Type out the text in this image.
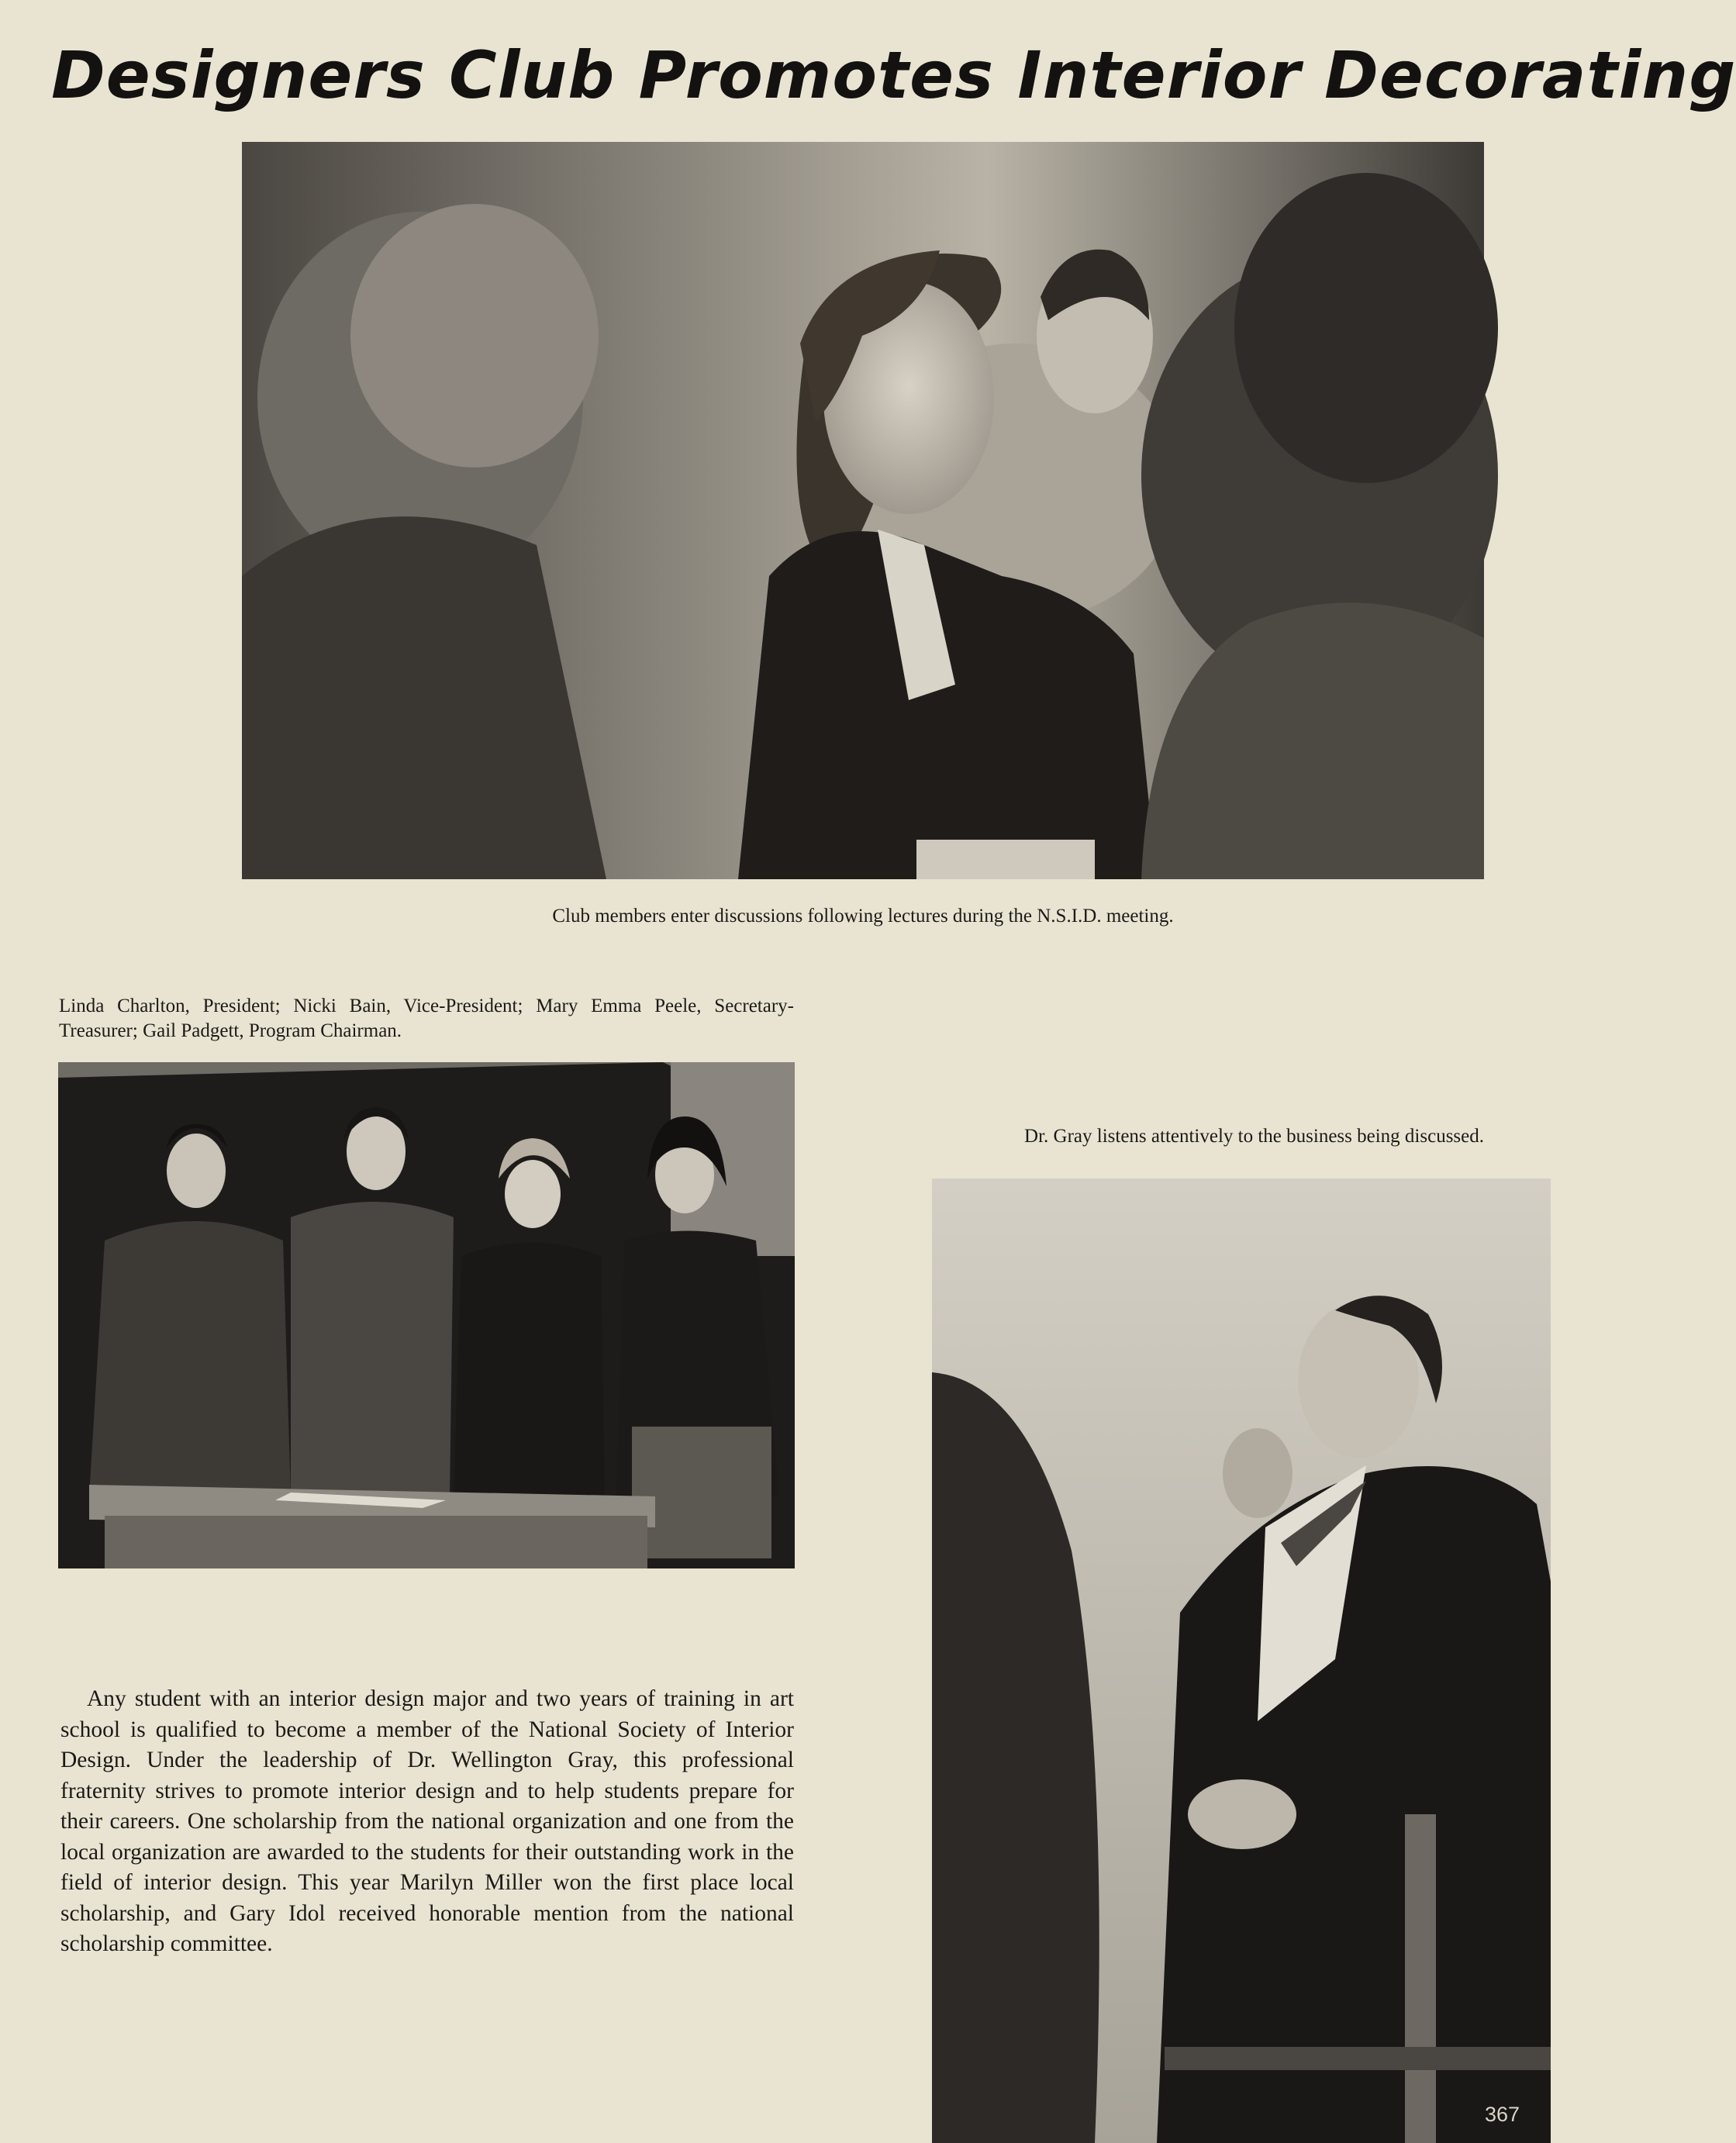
Designers Club Promotes Interior Decorating

Club members enter discussions following lectures during the N.S.I.D. meeting.

Linda Charlton, President; Nicki Bain, Vice-President; Mary Emma Peele, Secretary-Treasurer; Gail Padgett, Program Chairman.

Dr. Gray listens attentively to the business being discussed.

Any student with an interior design major and two years of training in art school is qualified to become a member of the National Society of Interior Design. Under the leadership of Dr. Wellington Gray, this professional fraternity strives to promote interior design and to help students prepare for their careers. One scholarship from the national organization and one from the local organization are awarded to the students for their outstanding work in the field of interior design. This year Marilyn Miller won the first place local scholarship, and Gary Idol received honorable mention from the national scholarship committee.

367
